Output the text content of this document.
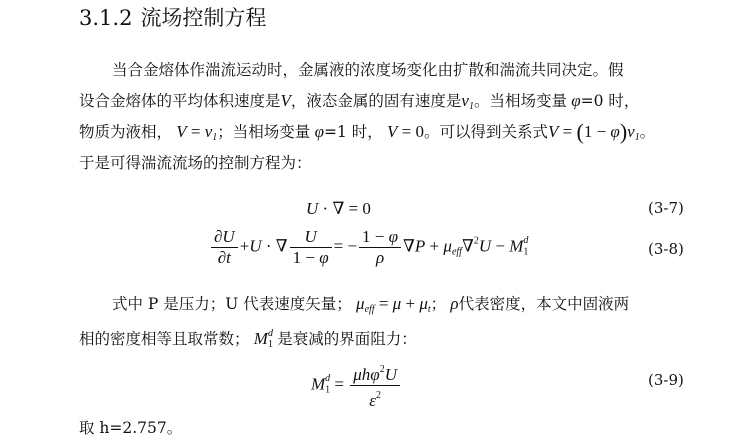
3.1.2 流场控制方程
当合金熔体作湍流运动时，金属液的浓度场变化由扩散和湍流共同决定。假
设合金熔体的平均体积速度是V，液态金属的固有速度是$v_1$。当相场变量 φ=0 时，
物质为液相， $V = v_1$；当相场变量 φ=1 时， V = 0。可以得到关系式$V = (1 - \varphi)v_1$。
于是可得湍流流场的控制方程为：
U · ∇ = 0	(3-7)
$\frac{\partial U}{\partial t} +U$ · ∇ $\frac{U}{1 - \varphi}$ = − $\frac{1 - \varphi}{\rho} \nabla P + \mu_{eff}\nabla^2U - M_1^d$	(3-8)
式中 P 是压力；U 代表速度矢量； $\mu_{eff} = \mu + \mu_t$； ρ代表密度，本文中固液两
相的密度相等且取常数； $M_1^d$ 是衰减的界面阻力：
$M_1^d = \frac{\mu h\varphi^2U}{\varepsilon^2}$	(3-9)
取 h=2.757。
